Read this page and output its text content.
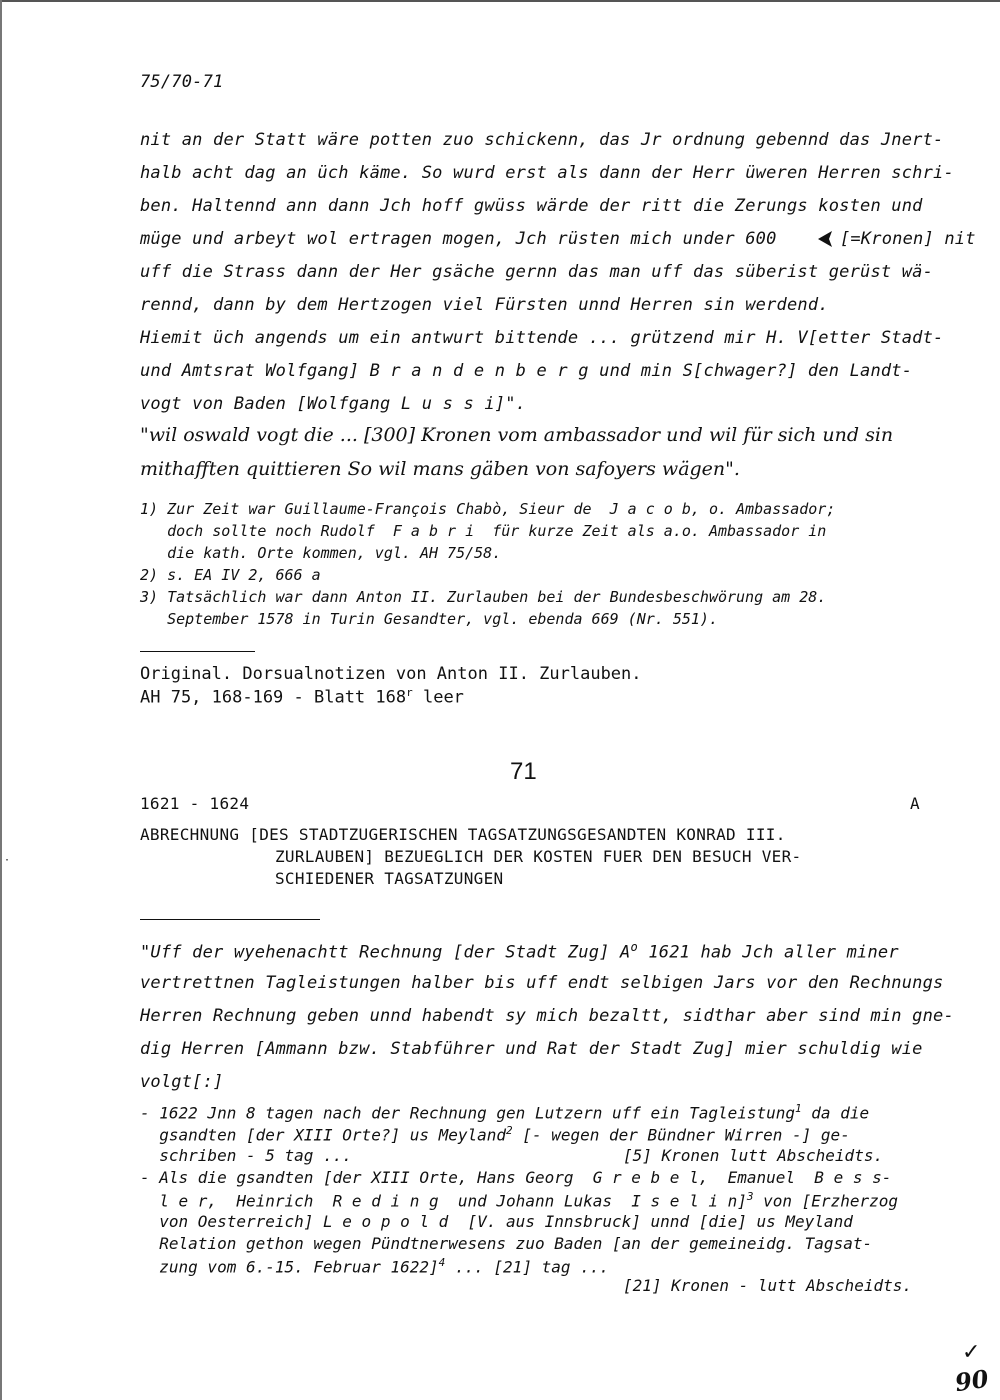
75/70-71
nit an der Statt wäre potten zuo schickenn, das Jr ordnung gebennd das Jnert-
halb acht dag an üch käme. So wurd erst als dann der Herr üweren Herren schri-
ben. Haltennd ann dann Jch hoff gwüss wärde der ritt die Zerungs kosten und
müge und arbeyt wol ertragen mogen, Jch rüsten mich under 600	[=Kronen] nit
uff die Strass dann der Her gsäche gernn das man uff das süberist gerüst wä-
rennd, dann by dem Hertzogen viel Fürsten unnd Herren sin werdend.
Hiemit üch angends um ein antwurt bittende ... grützend mir H. V[etter Stadt-
und Amtsrat Wolfgang] B r a n d e n b e r g und min S[chwager?] den Landt-
vogt von Baden [Wolfgang L u s s i]".
"wil oswald vogt die ... [300] Kronen vom ambassador und wil für sich und sin
mithafften quittieren So wil mans gäben von safoyers wägen".
1) Zur Zeit war Guillaume-François Chabò, Sieur de  J a c o b, o. Ambassador;
doch sollte noch Rudolf  F a b r i  für kurze Zeit als a.o. Ambassador in
die kath. Orte kommen, vgl. AH 75/58.
2) s. EA IV 2, 666 a
3) Tatsächlich war dann Anton II. Zurlauben bei der Bundesbeschwörung am 28.
September 1578 in Turin Gesandter, vgl. ebenda 669 (Nr. 551).
Original. Dorsualnotizen von Anton II. Zurlauben.
AH 75, 168-169 - Blatt 168$^r$ leer
71
1621 - 1624	A
ABRECHNUNG [DES STADTZUGERISCHEN TAGSATZUNGSGESANDTEN KONRAD III.
ZURLAUBEN] BEZUEGLICH DER KOSTEN FUER DEN BESUCH VER-
SCHIEDENER TAGSATZUNGEN
·
"Uff der wyehenachtt Rechnung [der Stadt Zug] $A^o$ 1621 hab Jch aller miner
vertrettnen Tagleistungen halber bis uff endt selbigen Jars vor den Rechnungs
Herren Rechnung geben unnd habendt sy mich bezaltt, sidthar aber sind min gne-
dig Herren [Ammann bzw. Stabführer und Rat der Stadt Zug] mier schuldig wie
volgt[:]
- 1622 Jnn 8 tagen nach der Rechnung gen Lutzern uff ein Tagleistung$^1$ da die
gsandten [der XIII Orte?] us Meyland$^2$ [- wegen der Bündner Wirren -] ge-
schriben - 5 tag ...	[5] Kronen lutt Abscheidts.
- Als die gsandten [der XIII Orte, Hans Georg  G r e b e l,  Emanuel  B e s s-
l e r,  Heinrich  R e d i n g  und Johann Lukas  I s e l i n]$^3$ von [Erzherzog
von Oesterreich] L e o p o l d  [V. aus Innsbruck] unnd [die] us Meyland
Relation gethon wegen Pündtnerwesens zuo Baden [an der gemeineidg. Tagsat-
zung vom 6.-15. Februar 1622]$^4$ ... [21] tag ...
[21] Kronen - lutt Abscheidts.
✓
90
